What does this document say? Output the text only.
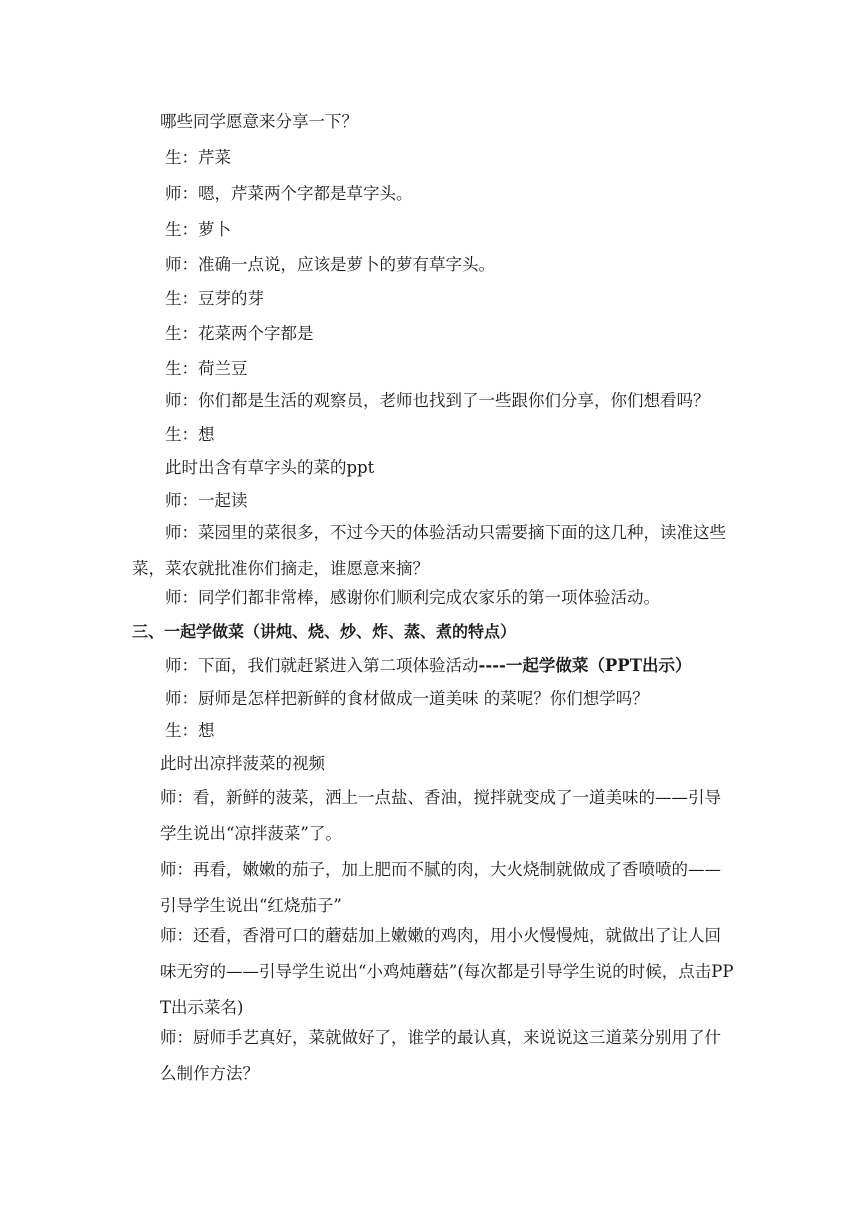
哪些同学愿意来分享一下？
生：芹菜
师：嗯，芹菜两个字都是草字头。
生：萝卜
师：准确一点说，应该是萝卜的萝有草字头。
生：豆芽的芽
生：花菜两个字都是
生：荷兰豆
师：你们都是生活的观察员，老师也找到了一些跟你们分享，你们想看吗？
生：想
此时出含有草字头的菜的ppt
师：一起读
师：菜园里的菜很多，不过今天的体验活动只需要摘下面的这几种，读准这些菜，菜农就批准你们摘走，谁愿意来摘？
师：同学们都非常棒，感谢你们顺利完成农家乐的第一项体验活动。
三、一起学做菜（讲炖、烧、炒、炸、蒸、煮的特点）
师：下面，我们就赶紧进入第二项体验活动----一起学做菜（PPT出示）
师：厨师是怎样把新鲜的食材做成一道美味 的菜呢？你们想学吗？
生：想
此时出凉拌菠菜的视频
师：看，新鲜的菠菜，洒上一点盐、香油，搅拌就变成了一道美味的——引导学生说出“凉拌菠菜”了。
师：再看，嫩嫩的茄子，加上肥而不腻的肉，大火烧制就做成了香喷喷的——引导学生说出“红烧茄子”
师：还看，香滑可口的蘑菇加上嫩嫩的鸡肉，用小火慢慢炖，就做出了让人回味无穷的——引导学生说出“小鸡炖蘑菇”(每次都是引导学生说的时候，点击PPT出示菜名)
师：厨师手艺真好，菜就做好了，谁学的最认真，来说说这三道菜分别用了什么制作方法？
